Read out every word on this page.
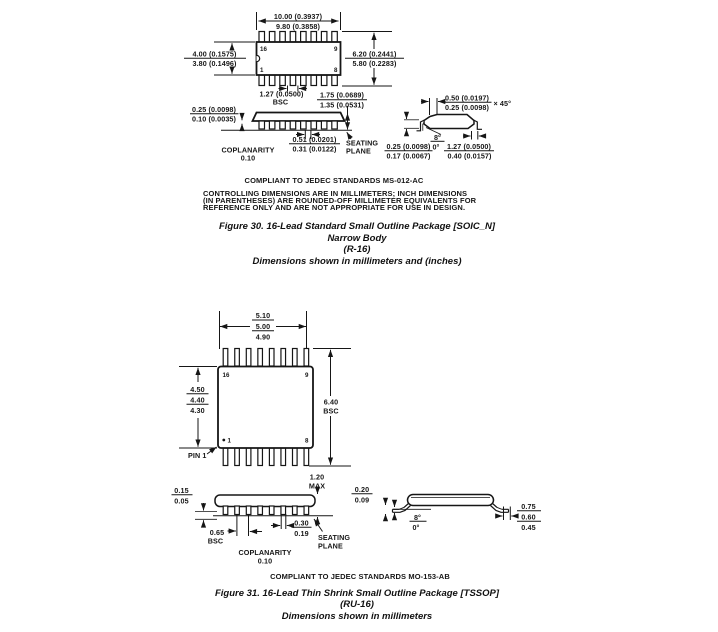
16	9
1	8
10.00 (0.3937)
9.80 (0.3858)
4.00 (0.1575)
3.80 (0.1496)
6.20 (0.2441)
5.80 (0.2283)
1.27 (0.0500)
BSC
1.75 (0.0689)
1.35 (0.0531)
0.25 (0.0098)
0.10 (0.0035)
COPLANARITY
0.10
0.51 (0.0201)
0.31 (0.0122)
SEATING
PLANE
0.50 (0.0197)
0.25 (0.0098) × 45°
8°
0°
0.25 (0.0098)
0.17 (0.0067)
1.27 (0.0500)
0.40 (0.0157)
5.10
5.00
4.90
16	9
1	8
4.50
4.40
4.30
PIN 1
6.40
BSC
1.20
MAX
0.15
0.05
0.65
BSC
0.30
0.19 SEATING
PLANE
COPLANARITY
0.10
8°
0°
0.20
0.09
0.75
0.60
0.45
COMPLIANT TO JEDEC STANDARDS MS-012-AC
CONTROLLING DIMENSIONS ARE IN MILLIMETERS; INCH DIMENSIONS
(IN PARENTHESES) ARE ROUNDED-OFF MILLIMETER EQUIVALENTS FOR
REFERENCE ONLY AND ARE NOT APPROPRIATE FOR USE IN DESIGN.
Figure 30. 16-Lead Standard Small Outline Package [SOIC_N]
Narrow Body
(R-16)
Dimensions shown in millimeters and (inches)
COMPLIANT TO JEDEC STANDARDS MO-153-AB
Figure 31. 16-Lead Thin Shrink Small Outline Package [TSSOP]
(RU-16)
Dimensions shown in millimeters
